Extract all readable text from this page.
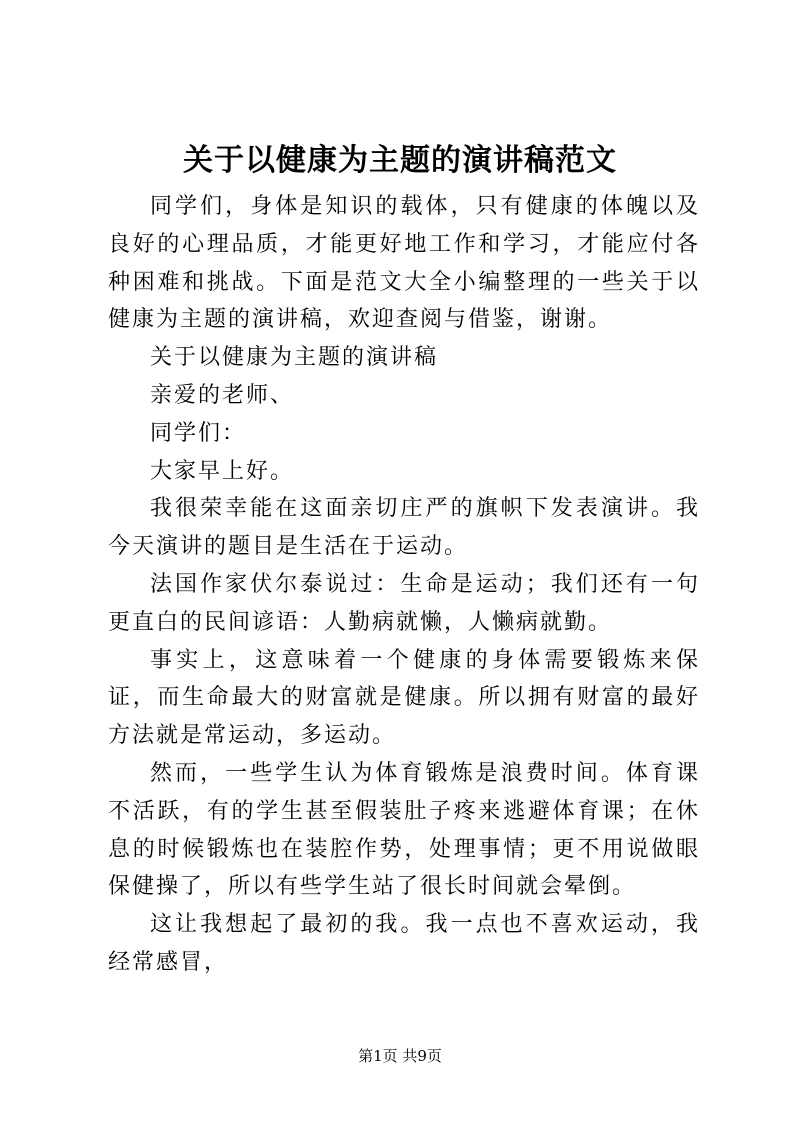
关于以健康为主题的演讲稿范文

同学们，身体是知识的载体，只有健康的体魄以及良好的心理品质，才能更好地工作和学习，才能应付各种困难和挑战。下面是范文大全小编整理的一些关于以健康为主题的演讲稿，欢迎查阅与借鉴，谢谢。

关于以健康为主题的演讲稿

亲爱的老师、

同学们：

大家早上好。

我很荣幸能在这面亲切庄严的旗帜下发表演讲。我今天演讲的题目是生活在于运动。

法国作家伏尔泰说过：生命是运动；我们还有一句更直白的民间谚语：人勤病就懒，人懒病就勤。

事实上，这意味着一个健康的身体需要锻炼来保证，而生命最大的财富就是健康。所以拥有财富的最好方法就是常运动，多运动。

然而，一些学生认为体育锻炼是浪费时间。体育课不活跃，有的学生甚至假装肚子疼来逃避体育课；在休息的时候锻炼也在装腔作势，处理事情；更不用说做眼保健操了，所以有些学生站了很长时间就会晕倒。

这让我想起了最初的我。我一点也不喜欢运动，我经常感冒，

第1页 共9页
